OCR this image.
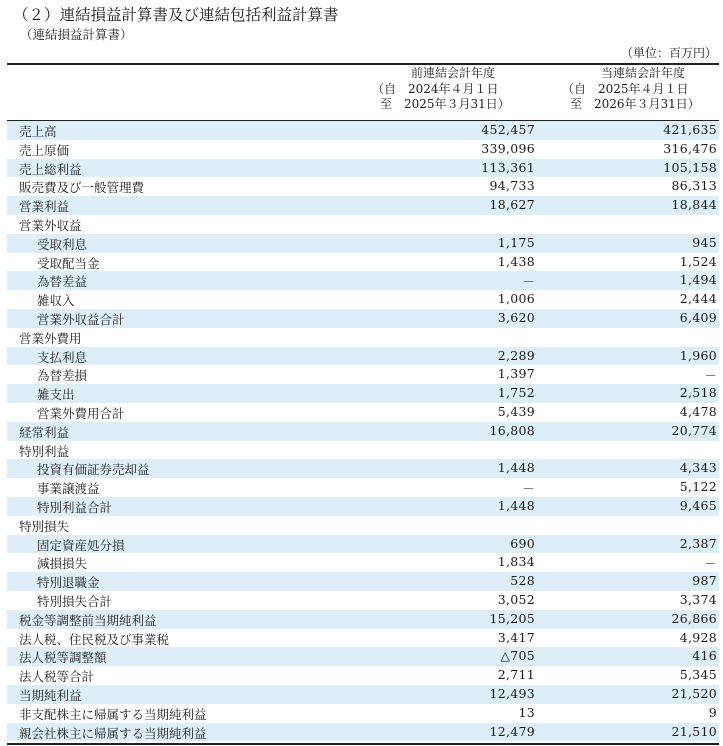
（２）連結損益計算書及び連結包括利益計算書
（連結損益計算書）
（単位：百万円）
前連結会計年度
（自　2024年４月１日
至　2025年３月31日）
当連結会計年度
（自　2025年４月１日
至　2026年３月31日）
売上高	452,457	421,635
売上原価	339,096	316,476
売上総利益	113,361	105,158
販売費及び一般管理費	94,733	86,313
営業利益	18,627	18,844
営業外収益
受取利息	1,175	945
受取配当金	1,438	1,524
為替差益	－	1,494
雑収入	1,006	2,444
営業外収益合計	3,620	6,409
営業外費用
支払利息	2,289	1,960
為替差損	1,397	－
雑支出	1,752	2,518
営業外費用合計	5,439	4,478
経常利益	16,808	20,774
特別利益
投資有価証券売却益	1,448	4,343
事業譲渡益	－	5,122
特別利益合計	1,448	9,465
特別損失
固定資産処分損	690	2,387
減損損失	1,834	－
特別退職金	528	987
特別損失合計	3,052	3,374
税金等調整前当期純利益	15,205	26,866
法人税、住民税及び事業税	3,417	4,928
法人税等調整額	△705	416
法人税等合計	2,711	5,345
当期純利益	12,493	21,520
非支配株主に帰属する当期純利益	13	9
親会社株主に帰属する当期純利益	12,479	21,510
